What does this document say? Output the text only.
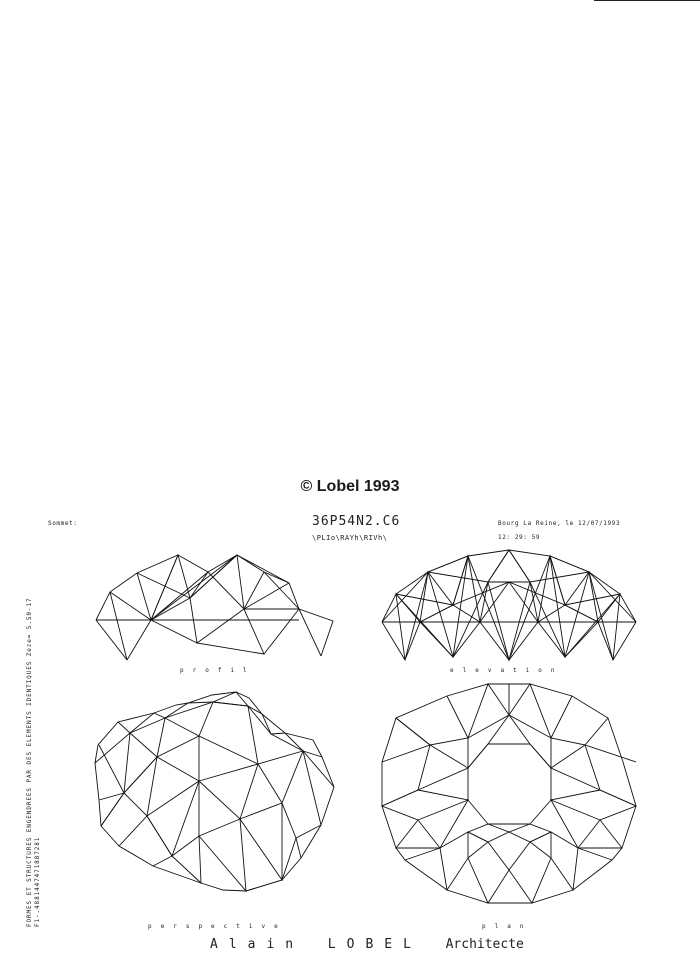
© Lobel 1993
Sommet:	36P54N2.C6
\PLIo\RAYh\RIVh\
Bourg La Reine, le 12/07/1993
12: 29: 59
FORMES ET STRUCTURES ENGENDREES PAR DES ELEMENTS IDENTIQUES Zeze= 5.50-17 F1-.4881447471887281
profil	elevation
perspective	plan
Alain LOBEL Architecte
